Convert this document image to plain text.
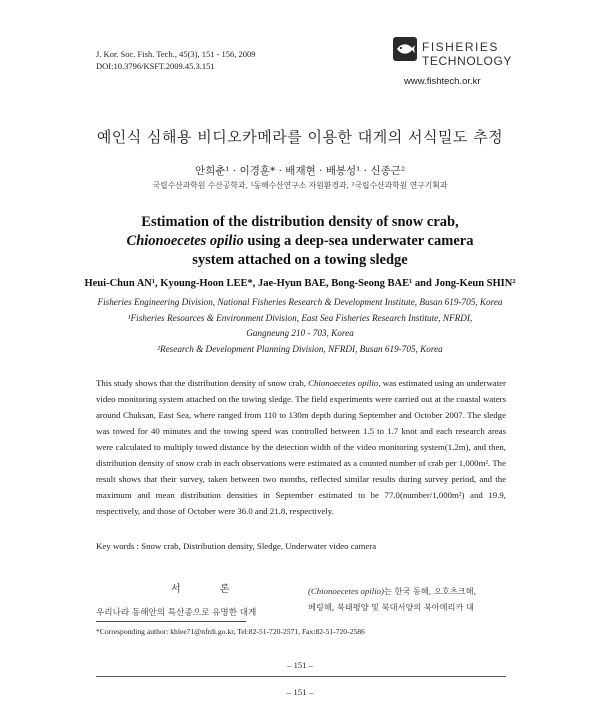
J. Kor. Soc. Fish. Tech., 45(3), 151 - 156, 2009
DOI:10.3796/KSFT.2009.45.3.151
FISHERIES
TECHNOLOGY
www.fishtech.or.kr
예인식 심해용 비디오카메라를 이용한 대게의 서식밀도 추정
안희춘¹ · 이경훈* · 배재현 · 배봉성¹ · 신종근²
국립수산과학원 수산공학과, ¹동해수산연구소 자원환경과, ²국립수산과학원 연구기획과
Estimation of the distribution density of snow crab,
Chionoecetes opilio using a deep-sea underwater camera
system attached on a towing sledge
Heui-Chun AN¹, Kyoung-Hoon LEE*, Jae-Hyun BAE, Bong-Seong BAE¹ and Jong-Keun SHIN²
Fisheries Engineering Division, National Fisheries Research & Development Institute, Busan 619-705, Korea
¹Fisheries Resources & Environment Division, East Sea Fisheries Research Institute, NFRDI,
Gangneung 210 - 703, Korea
²Research & Development Planning Division, NFRDI, Busan 619-705, Korea

This study shows that the distribution density of snow crab, Chionoecetes opilio, was estimated using an underwater video monitoring system attached on the towing sledge. The field experiments were carried out at the coastal waters around Chuksan, East Sea, where ranged from 110 to 130m depth during September and October 2007. The sledge was towed for 40 minutes and the towing speed was controlled between 1.5 to 1.7 knot and each research areas were calculated to multiply towed distance by the detection width of the video monitoring system(1.2m), and then, distribution density of snow crab in each observations were estimated as a counted number of crab per 1,000m². The result shows that their survey, taken between two months, reflected similar results during survey period, and the maximum and mean distribution densities in September estimated to be 77.0(number/1,000m²) and 19.9, respectively, and those of October were 36.0 and 21.8, respectively.

Key words : Snow crab, Distribution density, Sledge, Underwater video camera
서 론
우리나라 동해안의 특산종으로 유명한 대게
(Chionoecetes opilio)는 한국 동해, 오호츠크해,
베링해, 북태평양 및 북대서양의 북아메리카 대
*Corresponding author: khlee71@nfrdi.go.kr, Tel:82-51-720-2571, Fax:82-51-720-2586
– 151 –
– 151 –
